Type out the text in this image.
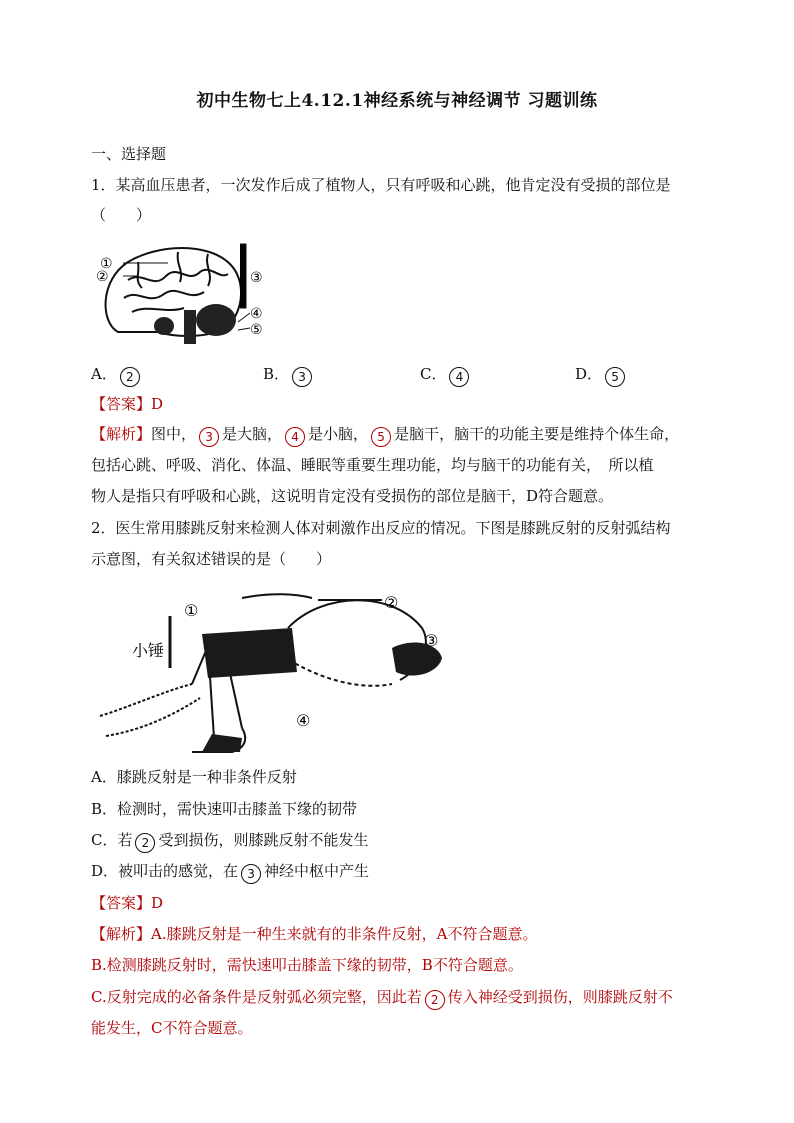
初中生物七上4.12.1神经系统与神经调节 习题训练
一、选择题
1．某高血压患者，一次发作后成了植物人，只有呼吸和心跳，他肯定没有受损的部位是
（　　）
①
②	③
④
⑤
A． 2	B． 3	C． 4	D． 5
【答案】D
【解析】图中， 3 是大脑， 4 是小脑， 5 是脑干，脑干的功能主要是维持个体生命，
包括心跳、呼吸、消化、体温、睡眠等重要生理功能，均与脑干的功能有关，　所以植
物人是指只有呼吸和心跳，这说明肯定没有受损伤的部位是脑干，D符合题意。
2．医生常用膝跳反射来检测人体对刺激作出反应的情况。下图是膝跳反射的反射弧结构
示意图，有关叙述错误的是（　　）
小锤
①	②
③
④
A．膝跳反射是一种非条件反射
B．检测时，需快速叩击膝盖下缘的韧带
C．若 2 受到损伤，则膝跳反射不能发生
D．被叩击的感觉，在 3 神经中枢中产生
【答案】D
【解析】A.膝跳反射是一种生来就有的非条件反射，A不符合题意。
B.检测膝跳反射时，需快速叩击膝盖下缘的韧带，B不符合题意。
C.反射完成的必备条件是反射弧必须完整，因此若 2 传入神经受到损伤，则膝跳反射不
能发生，C不符合题意。
